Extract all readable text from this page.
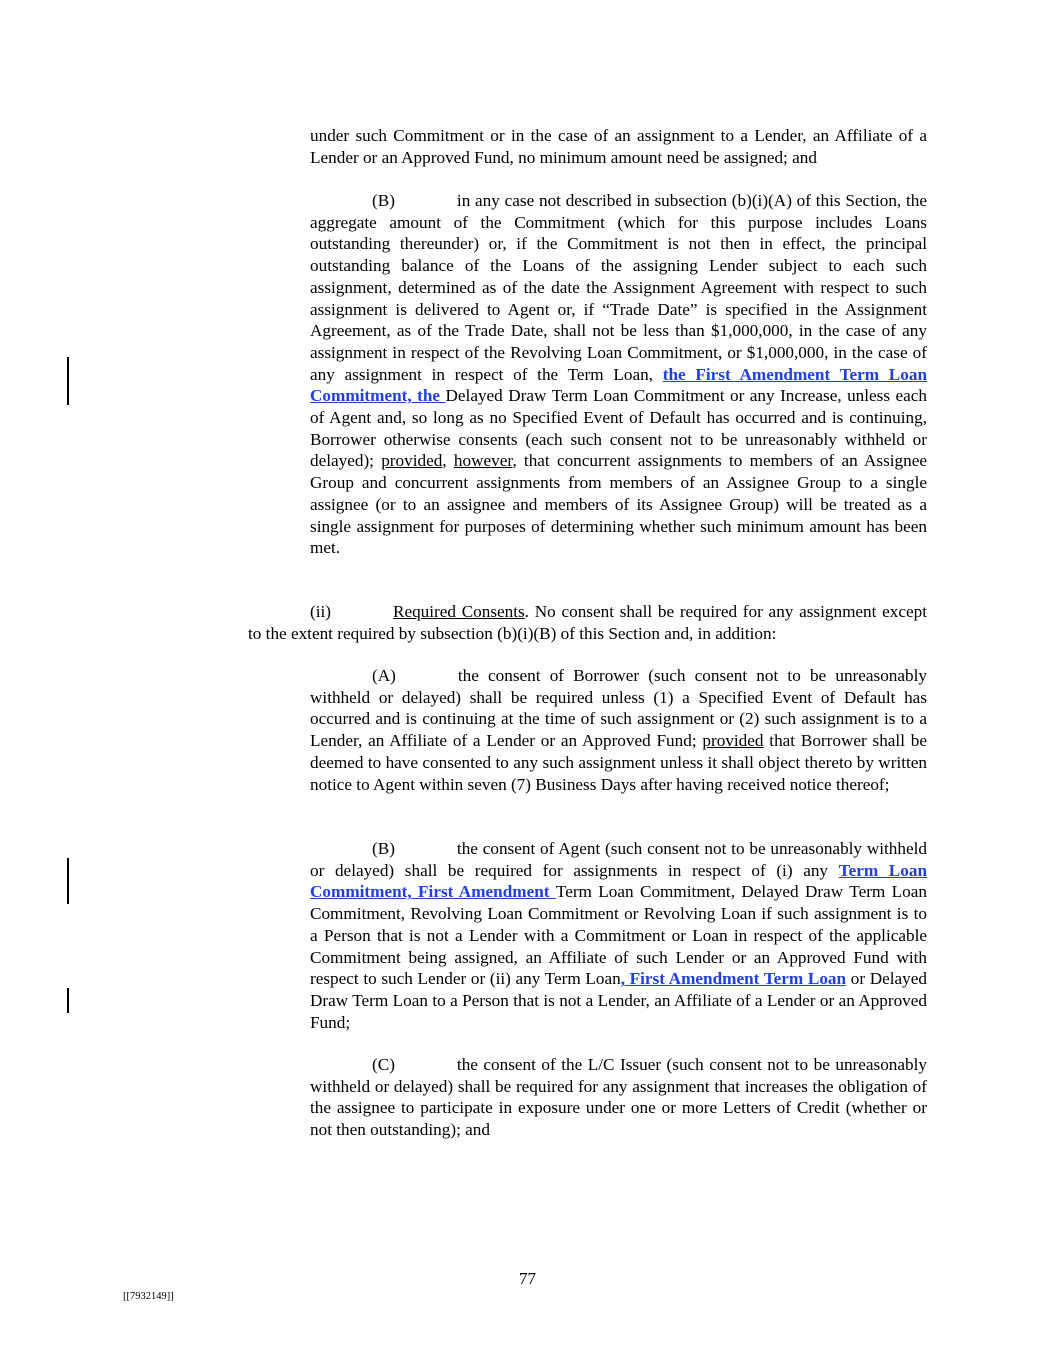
under such Commitment or in the case of an assignment to a Lender, an Affiliate of a Lender or an Approved Fund, no minimum amount need be assigned; and

(B)	in any case not described in subsection (b)(i)(A) of this Section, the aggregate amount of the Commitment (which for this purpose includes Loans outstanding thereunder) or, if the Commitment is not then in effect, the principal outstanding balance of the Loans of the assigning Lender subject to each such assignment, determined as of the date the Assignment Agreement with respect to such assignment is delivered to Agent or, if “Trade Date” is specified in the Assignment Agreement, as of the Trade Date, shall not be less than $1,000,000, in the case of any assignment in respect of the Revolving Loan Commitment, or $1,000,000, in the case of any assignment in respect of the Term Loan, the First Amendment Term Loan Commitment, the Delayed Draw Term Loan Commitment or any Increase, unless each of Agent and, so long as no Specified Event of Default has occurred and is continuing, Borrower otherwise consents (each such consent not to be unreasonably withheld or delayed); provided, however, that concurrent assignments to members of an Assignee Group and concurrent assignments from members of an Assignee Group to a single assignee (or to an assignee and members of its Assignee Group) will be treated as a single assignment for purposes of determining whether such minimum amount has been met.

(ii)	Required Consents. No consent shall be required for any assignment except to the extent required by subsection (b)(i)(B) of this Section and, in addition:

(A)	the consent of Borrower (such consent not to be unreasonably withheld or delayed) shall be required unless (1) a Specified Event of Default has occurred and is continuing at the time of such assignment or (2) such assignment is to a Lender, an Affiliate of a Lender or an Approved Fund; provided that Borrower shall be deemed to have consented to any such assignment unless it shall object thereto by written notice to Agent within seven (7) Business Days after having received notice thereof;

(B)	the consent of Agent (such consent not to be unreasonably withheld or delayed) shall be required for assignments in respect of (i) any Term Loan Commitment, First Amendment Term Loan Commitment, Delayed Draw Term Loan Commitment, Revolving Loan Commitment or Revolving Loan if such assignment is to a Person that is not a Lender with a Commitment or Loan in respect of the applicable Commitment being assigned, an Affiliate of such Lender or an Approved Fund with respect to such Lender or (ii) any Term Loan, First Amendment Term Loan or Delayed Draw Term Loan to a Person that is not a Lender, an Affiliate of a Lender or an Approved Fund;

(C)	the consent of the L/C Issuer (such consent not to be unreasonably withheld or delayed) shall be required for any assignment that increases the obligation of the assignee to participate in exposure under one or more Letters of Credit (whether or not then outstanding); and

77
[[7932149]]
